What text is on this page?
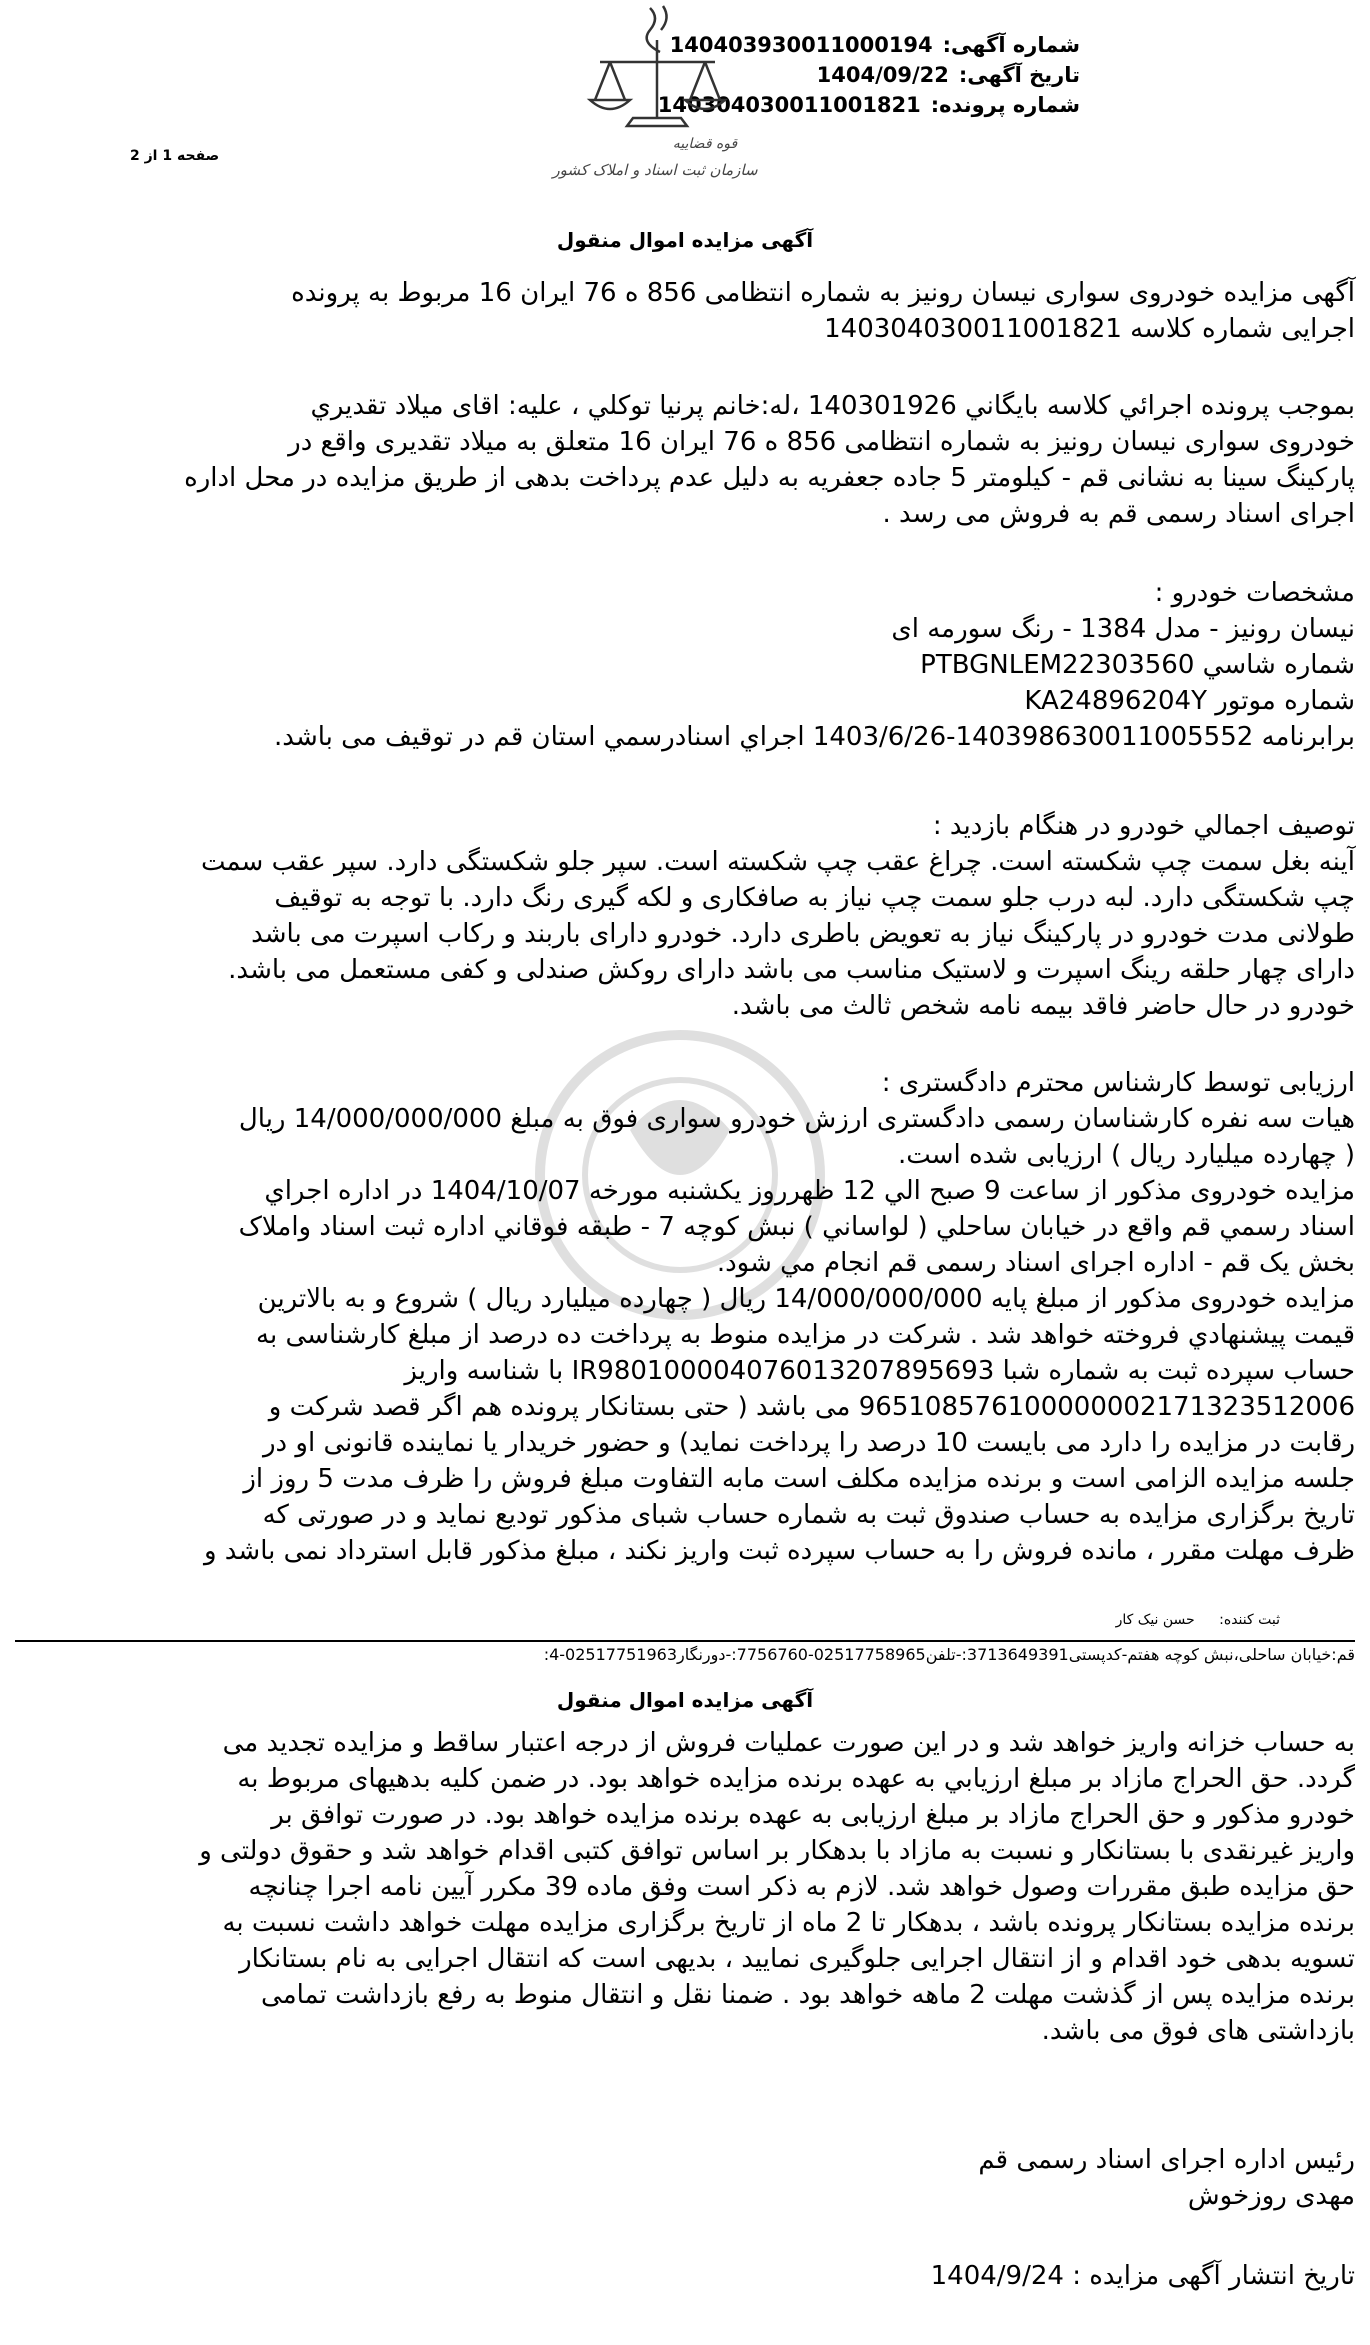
شماره آگهی:
140403930011000194
تاریخ آگهی:
1404/09/22
شماره پرونده:
140304030011001821
قوه قضاییه
سازمان ثبت اسناد و املاک کشور
صفحه 1 از 2
آگهی مزایده اموال منقول
آگهی مزایده خودروی سواری نیسان رونیز به شماره انتظامی 856 ه 76 ایران 16 مربوط به پرونده
اجرایی شماره کلاسه 140304030011001821
بموجب پرونده اجرائي كلاسه بايگاني 140301926 ،له:خانم پرنيا توكلي ، عليه: اقای ميلاد تقديري
خودروی سواری نیسان رونیز به شماره انتظامی 856 ه 76 ایران 16 متعلق به میلاد تقدیری واقع در
پارکینگ سینا به نشانی قم - کیلومتر 5 جاده جعفریه به دلیل عدم پرداخت بدهی از طریق مزایده در محل اداره
اجرای اسناد رسمی قم به فروش می رسد .
مشخصات خودرو :
نیسان رونیز - مدل 1384 - رنگ سورمه ای
شماره شاسي PTBGNLEM22303560
شماره موتور KA24896204Y
برابرنامه 140398630011005552-1403/6/26 اجراي اسنادرسمي استان قم در توقيف می باشد.
توصیف اجمالي خودرو در هنگام بازدید :
آینه بغل سمت چپ شکسته است. چراغ عقب چپ شکسته است. سپر جلو شکستگی دارد. سپر عقب سمت
چپ شکستگی دارد. لبه درب جلو سمت چپ نیاز به صافکاری و لکه گیری رنگ دارد. با توجه به توقیف
طولانی مدت خودرو در پارکینگ نیاز به تعویض باطری دارد. خودرو دارای باربند و رکاب اسپرت می باشد
دارای چهار حلقه رینگ اسپرت و لاستیک مناسب می باشد دارای روکش صندلی و کفی مستعمل می باشد.
خودرو در حال حاضر فاقد بیمه نامه شخص ثالث می باشد.
ارزیابی توسط کارشناس محترم دادگستری :
هیات سه نفره کارشناسان رسمی دادگستری ارزش خودرو سواری فوق به مبلغ 14/000/000/000 ریال
( چهارده میلیارد ریال ) ارزیابی شده است.
مزایده خودروی مذکور از ساعت 9 صبح الي 12 ظهرروز یکشنبه مورخه 1404/10/07 در اداره اجراي
اسناد رسمي قم واقع در خیابان ساحلي ( لواساني ) نبش کوچه 7 - طبقه فوقاني اداره ثبت اسناد واملاک
بخش یک قم - اداره اجرای اسناد رسمی قم انجام مي شود.
مزایده خودروی مذکور از مبلغ پایه 14/000/000/000 ریال ( چهارده میلیارد ریال ) شروع و به بالاترین
قیمت پیشنهادي فروخته خواهد شد . شرکت در مزایده منوط به پرداخت ده درصد از مبلغ کارشناسی به
حساب سپرده ثبت به شماره شبا IR980100004076013207895693 با شناسه واریز
965108576100000002171323512006 می باشد ( حتی بستانکار پرونده هم اگر قصد شرکت و
رقابت در مزایده را دارد می بایست 10 درصد را پرداخت نماید) و حضور خریدار یا نماینده قانونی او در
جلسه مزایده الزامی است و برنده مزایده مکلف است مابه التفاوت مبلغ فروش را ظرف مدت 5 روز از
تاریخ برگزاری مزایده به حساب صندوق ثبت به شماره حساب شبای مذکور تودیع نماید و در صورتی که
ظرف مهلت مقرر ، مانده فروش را به حساب سپرده ثبت واریز نکند ، مبلغ مذکور قابل استرداد نمی باشد و
ثبت كننده: حسن نیک کار
قم:خیابان ساحلی،نبش کوچه هفتم-کدپستی3713649391:-تلفن02517758965-7756760:-دورنگار02517751963-4:
آگهی مزایده اموال منقول
به حساب خزانه واریز خواهد شد و در این صورت عملیات فروش از درجه اعتبار ساقط و مزایده تجدید می
گردد. حق الحراج مازاد بر مبلغ ارزیابي به عهده برنده مزایده خواهد بود. در ضمن کلیه بدهیهای مربوط به
خودرو مذکور و حق الحراج مازاد بر مبلغ ارزیابی به عهده برنده مزایده خواهد بود. در صورت توافق بر
واریز غیرنقدی با بستانکار و نسبت به مازاد با بدهکار بر اساس توافق کتبی اقدام خواهد شد و حقوق دولتی و
حق مزایده طبق مقررات وصول خواهد شد. لازم به ذکر است وفق ماده 39 مکرر آیین نامه اجرا چنانچه
برنده مزایده بستانکار پرونده باشد ، بدهکار تا 2 ماه از تاریخ برگزاری مزایده مهلت خواهد داشت نسبت به
تسویه بدهی خود اقدام و از انتقال اجرایی جلوگیری نمایید ، بدیهی است که انتقال اجرایی به نام بستانکار
برنده مزایده پس از گذشت مهلت 2 ماهه خواهد بود . ضمنا نقل و انتقال منوط به رفع بازداشت تمامی
بازداشتی های فوق می باشد.
رئیس اداره اجرای اسناد رسمی قم
مهدی روزخوش
تاریخ انتشار آگهی مزایده : 1404/9/24
